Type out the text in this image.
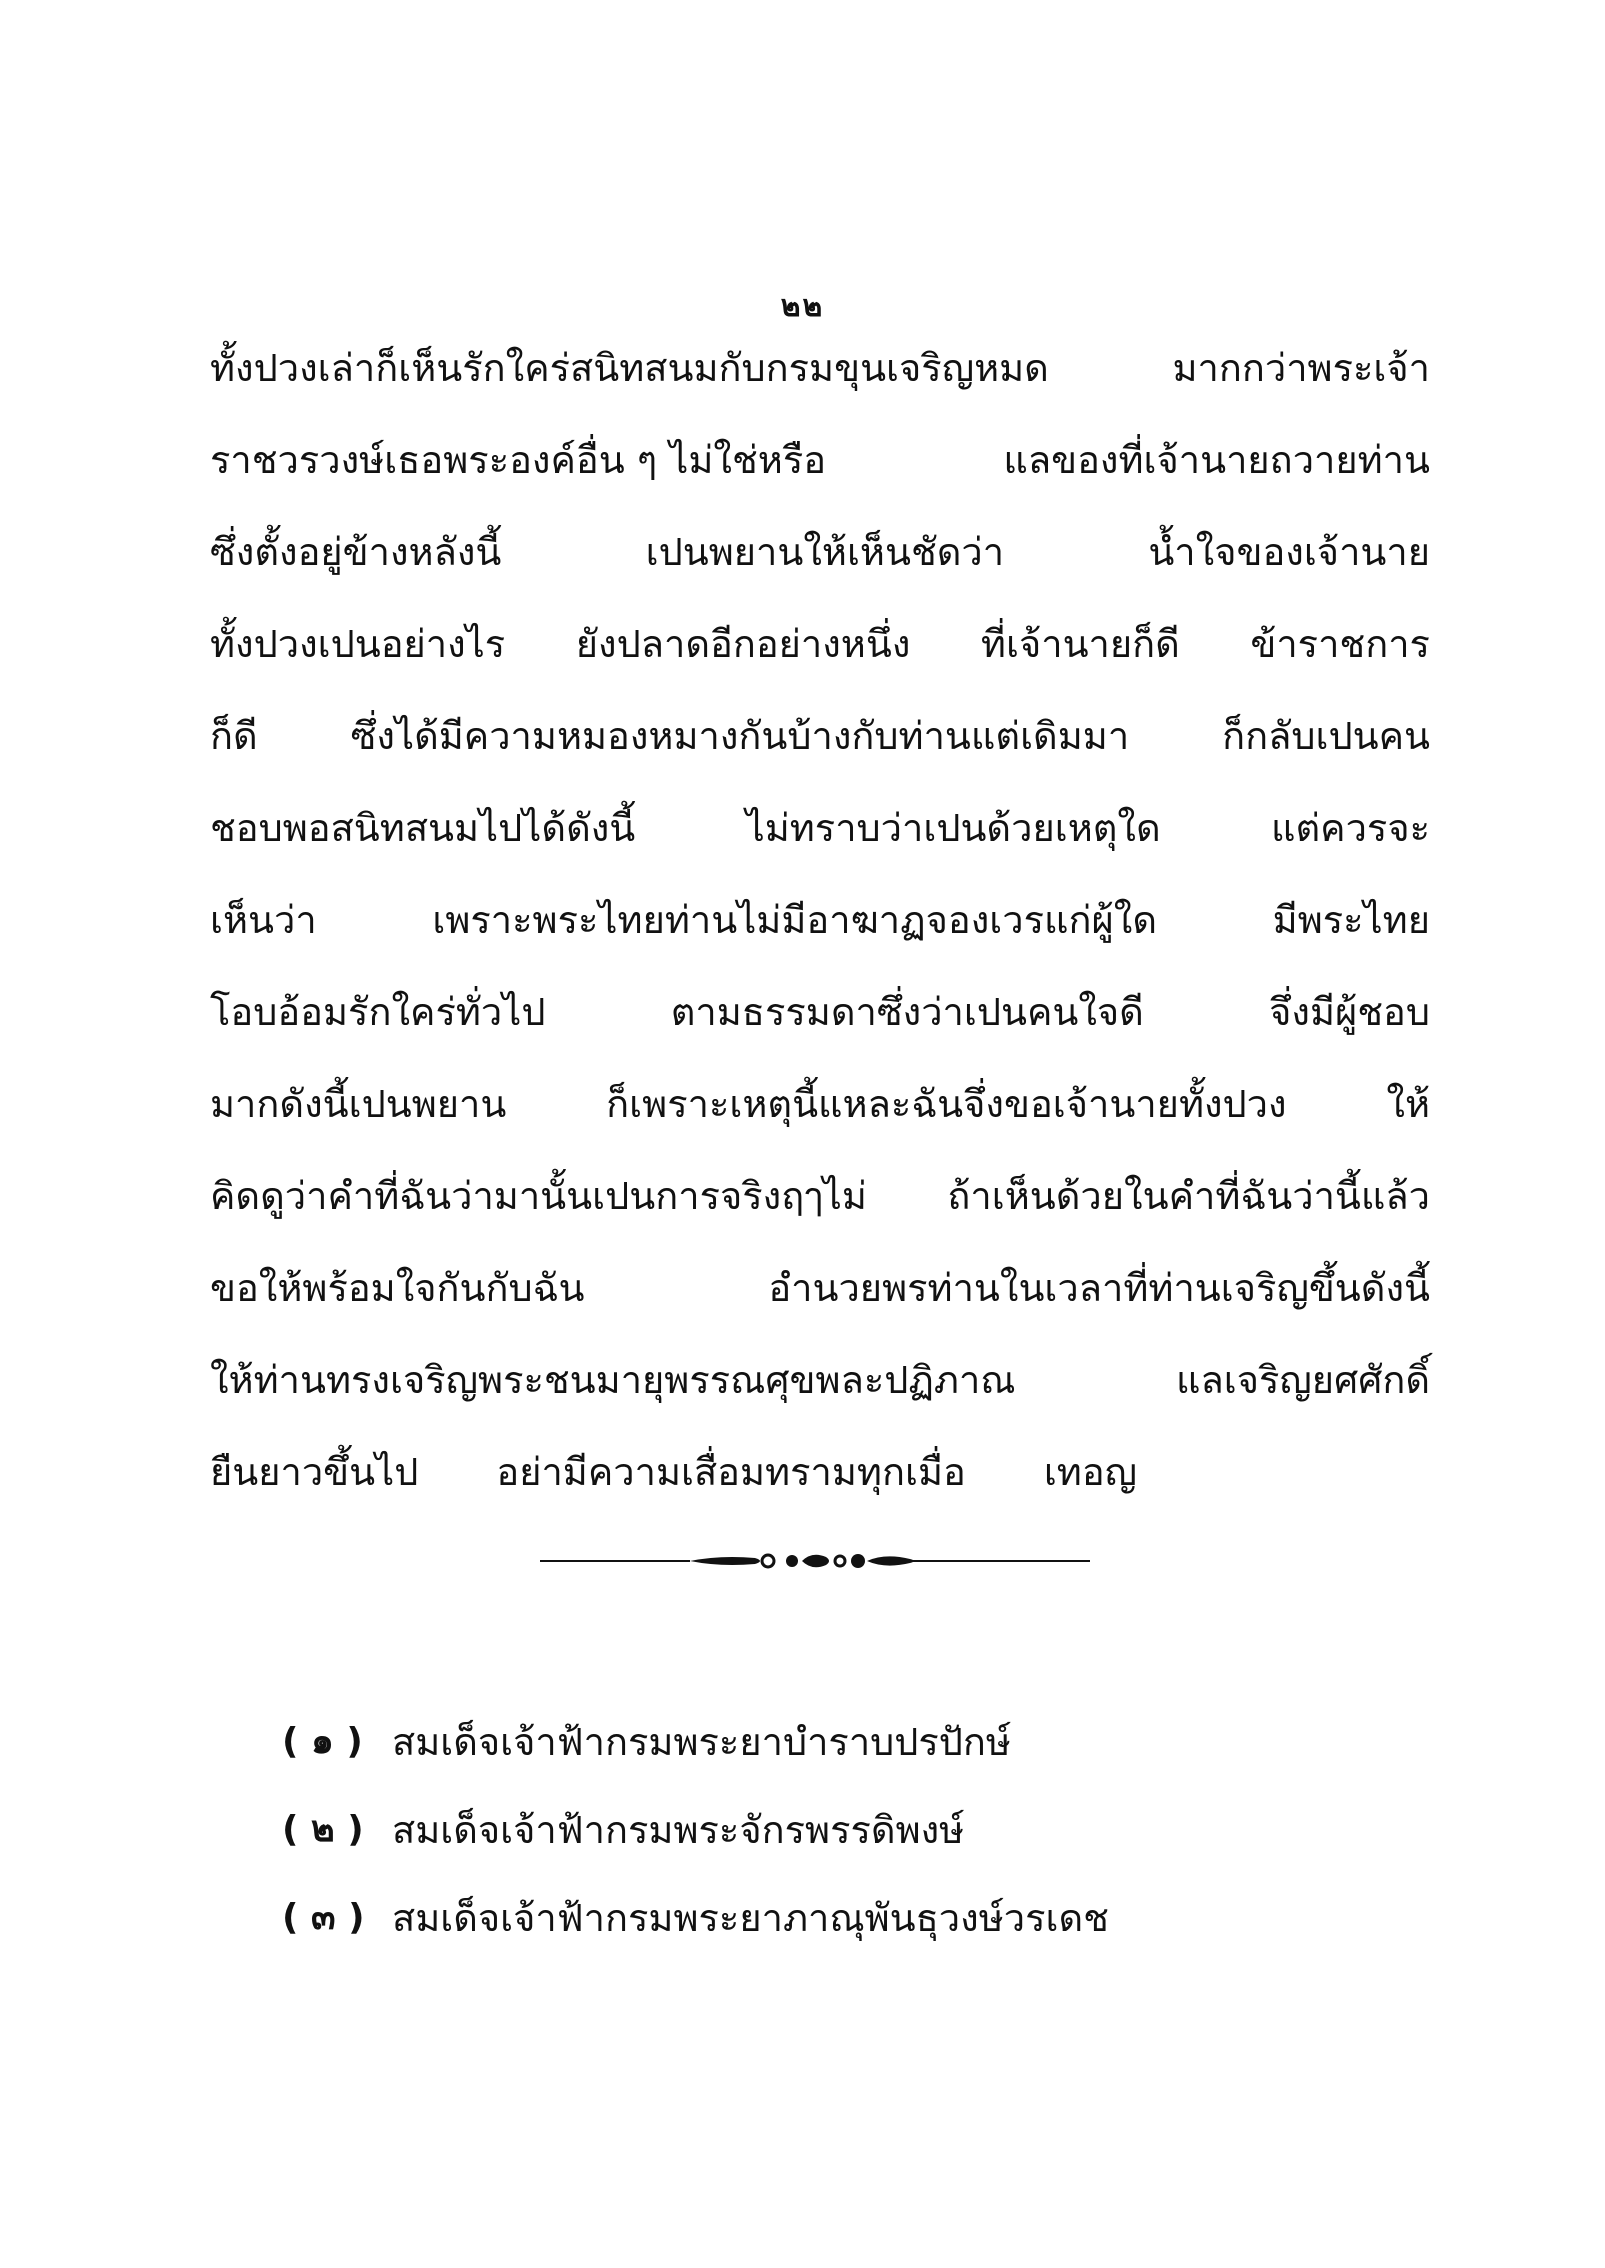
๒๒
ทั้งปวงเล่าก็เห็นรักใคร่สนิทสนมกับกรมขุนเจริญหมด	มากกว่าพระเจ้า
ราชวรวงษ์เธอพระองค์อื่น ๆ ไม่ใช่หรือ	แลของที่เจ้านายถวายท่าน
ซึ่งตั้งอยู่ข้างหลังนี้	เปนพยานให้เห็นชัดว่า	น้ำใจของเจ้านาย
ทั้งปวงเปนอย่างไร ยังปลาดอีกอย่างหนึ่ง ที่เจ้านายก็ดี ข้าราชการ
ก็ดี ซึ่งได้มีความหมองหมางกันบ้างกับท่านแต่เดิมมา ก็กลับเปนคน
ชอบพอสนิทสนมไปได้ดังนี้	ไม่ทราบว่าเปนด้วยเหตุใด	แต่ควรจะ
เห็นว่า	เพราะพระไทยท่านไม่มีอาฆาฏจองเวรแก่ผู้ใด	มีพระไทย
โอบอ้อมรักใคร่ทั่วไป	ตามธรรมดาซึ่งว่าเปนคนใจดี	จึ่งมีผู้ชอบ
มากดังนี้เปนพยาน	ก็เพราะเหตุนี้แหละฉันจึ่งขอเจ้านายทั้งปวง	ให้
คิดดูว่าคำที่ฉันว่ามานั้นเปนการจริงฤๅไม่ ถ้าเห็นด้วยในคำที่ฉันว่านี้แล้ว
ขอให้พร้อมใจกันกับฉัน	อำนวยพรท่านในเวลาที่ท่านเจริญขึ้นดังนี้
ให้ท่านทรงเจริญพระชนมายุพรรณศุขพละปฏิภาณ	แลเจริญยศศักดิ์
ยืนยาวขึ้นไป อย่ามีความเสื่อมทรามทุกเมื่อ เทอญ
( ๑ ) สมเด็จเจ้าฟ้ากรมพระยาบำราบปรปักษ์
( ๒ ) สมเด็จเจ้าฟ้ากรมพระจักรพรรดิพงษ์
( ๓ ) สมเด็จเจ้าฟ้ากรมพระยาภาณุพันธุวงษ์วรเดช
